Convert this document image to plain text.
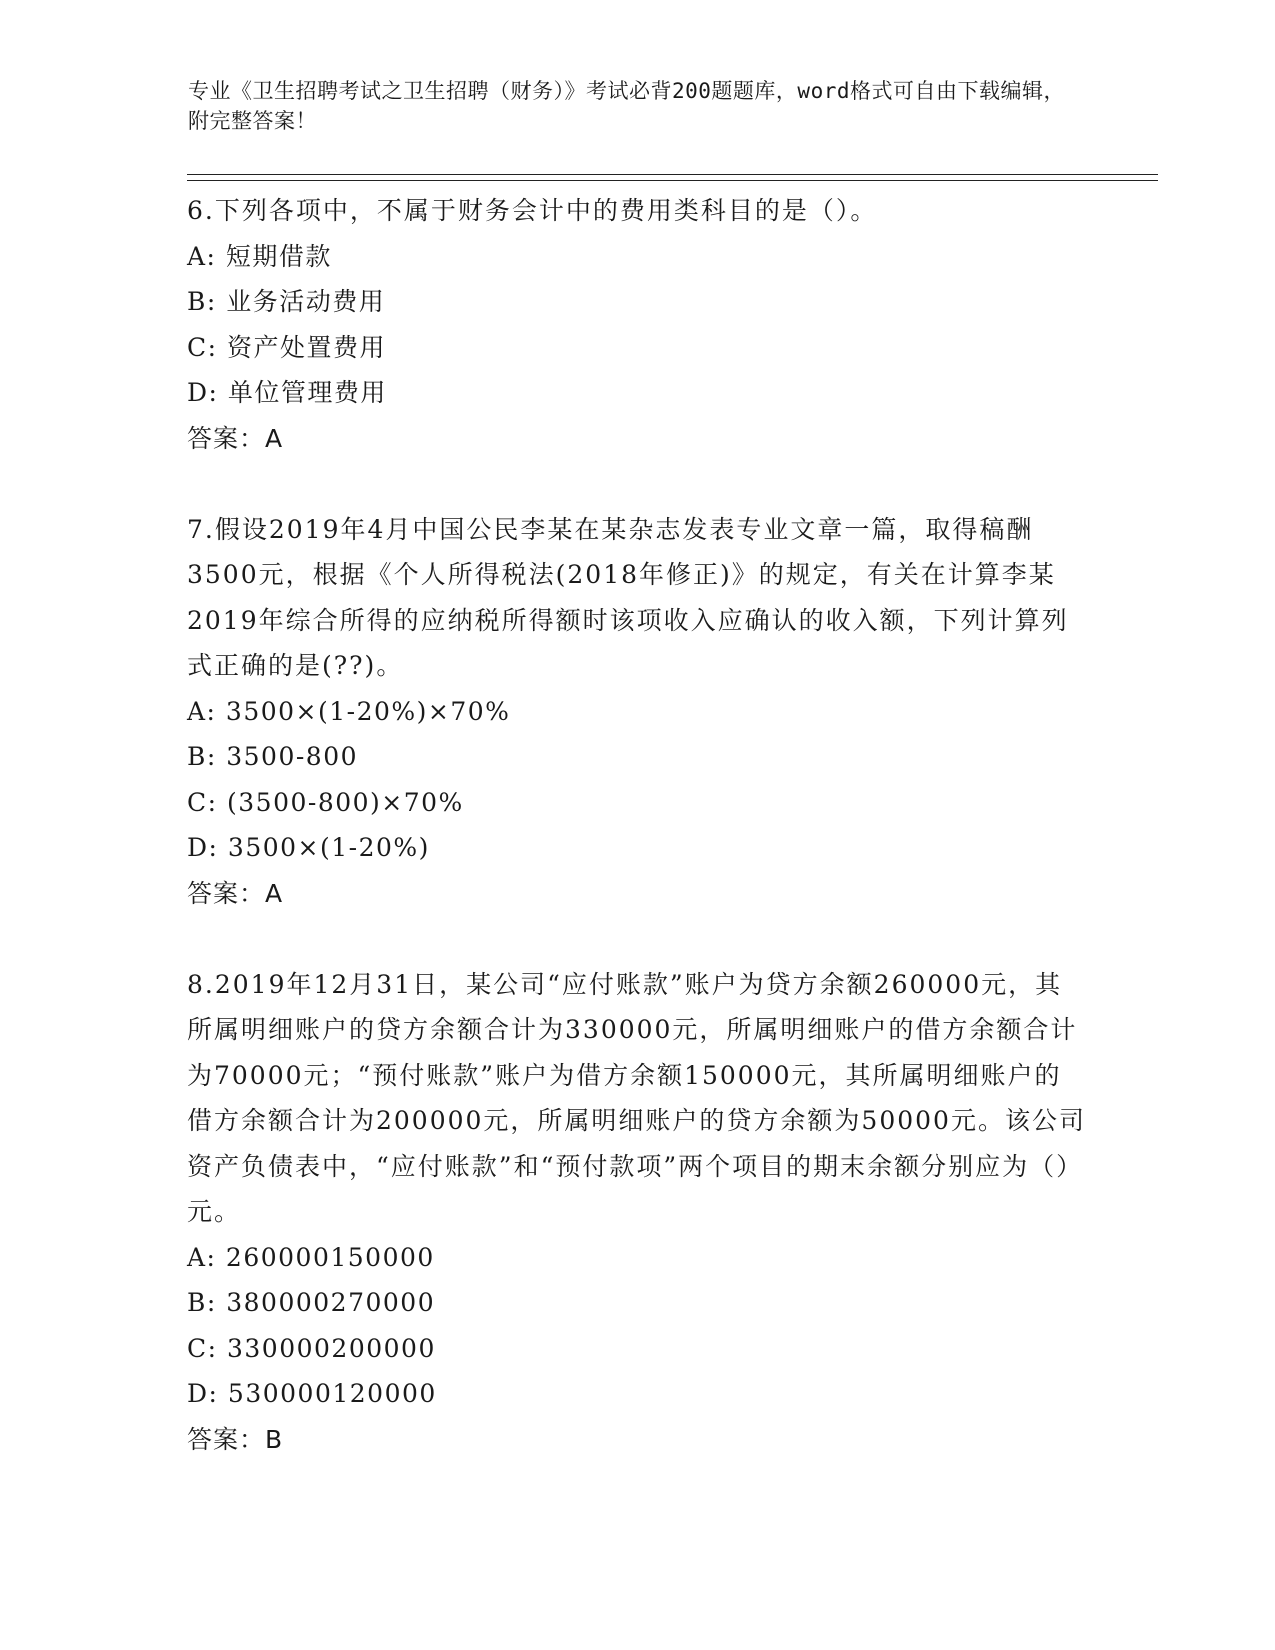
专业《卫生招聘考试之卫生招聘（财务）》考试必背200题题库，word格式可自由下载编辑，附完整答案！
6.下列各项中，不属于财务会计中的费用类科目的是（）。
A: 短期借款
B: 业务活动费用
C: 资产处置费用
D: 单位管理费用
答案：A
7.假设2019年4月中国公民李某在某杂志发表专业文章一篇，取得稿酬3500元，根据《个人所得税法(2018年修正)》的规定，有关在计算李某2019年综合所得的应纳税所得额时该项收入应确认的收入额，下列计算列式正确的是(??)。
A: 3500×(1-20%)×70%
B: 3500-800
C: (3500-800)×70%
D: 3500×(1-20%)
答案：A
8.2019年12月31日，某公司“应付账款”账户为贷方余额260000元，其所属明细账户的贷方余额合计为330000元，所属明细账户的借方余额合计为70000元；“预付账款”账户为借方余额150000元，其所属明细账户的借方余额合计为200000元，所属明细账户的贷方余额为50000元。该公司资产负债表中，“应付账款”和“预付款项”两个项目的期末余额分别应为（）元。
A: 260000150000
B: 380000270000
C: 330000200000
D: 530000120000
答案：B
